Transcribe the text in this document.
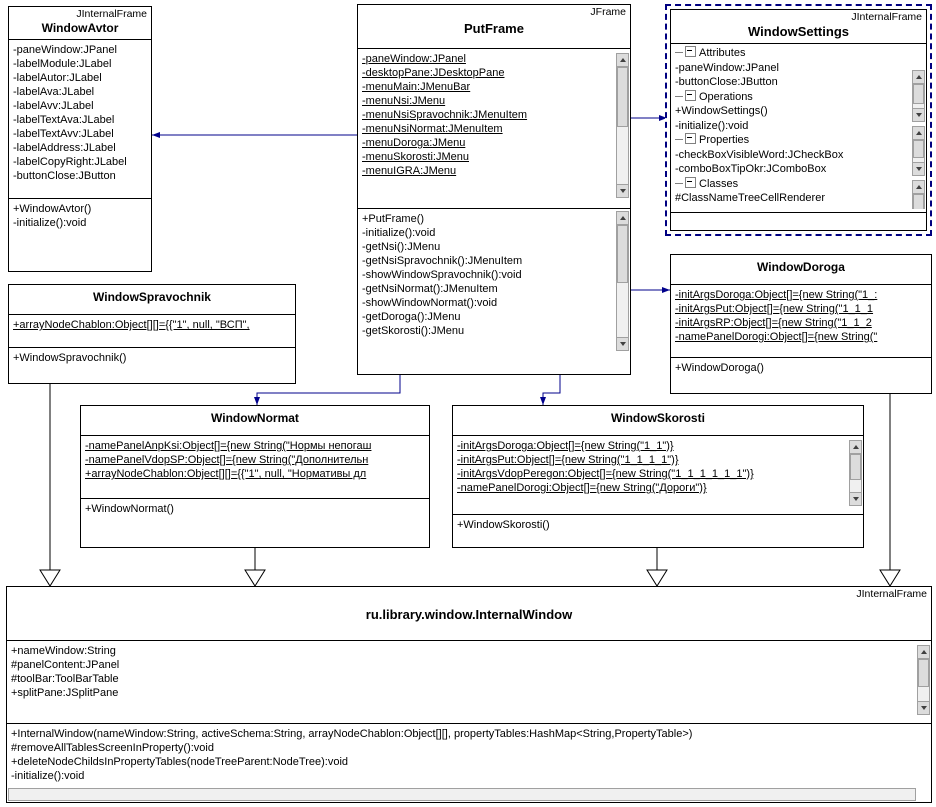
JInternalFrame
WindowAvtor
-paneWindow:JPanel
-labelModule:JLabel
-labelAutor:JLabel
-labelAva:JLabel
-labelAvv:JLabel
-labelTextAva:JLabel
-labelTextAvv:JLabel
-labelAddress:JLabel
-labelCopyRight:JLabel
-buttonClose:JButton
+WindowAvtor()
-initialize():void
JFrame
PutFrame
-paneWindow:JPanel
-desktopPane:JDesktopPane
-menuMain:JMenuBar
-menuNsi:JMenu
-menuNsiSpravochnik:JMenuItem
-menuNsiNormat:JMenuItem
-menuDoroga:JMenu
-menuSkorosti:JMenu
-menuIGRA:JMenu
+PutFrame()
-initialize():void
-getNsi():JMenu
-getNsiSpravochnik():JMenuItem
-showWindowSpravochnik():void
-getNsiNormat():JMenuItem
-showWindowNormat():void
-getDoroga():JMenu
-getSkorosti():JMenu
JInternalFrame
WindowSettings
Attributes
-paneWindow:JPanel
-buttonClose:JButton
Operations
+WindowSettings()
-initialize():void
Properties
-checkBoxVisibleWord:JCheckBox
-comboBoxTipOkr:JComboBox
Classes
#ClassNameTreeCellRenderer
WindowSpravochnik
+arrayNodeChablon:Object[][]={{"1", null, "ВСП",
+WindowSpravochnik()
WindowDoroga
-initArgsDoroga:Object[]={new String("1_:
-initArgsPut:Object[]={new String("1_1_1
-initArgsRP:Object[]={new String("1_1_2
-namePanelDorogi:Object[]={new String("
+WindowDoroga()
WindowNormat
-namePanelAnpKsi:Object[]={new String("Нормы непогаш
-namePanelVdopSP:Object[]={new String("Дополнительн
+arrayNodeChablon:Object[][]={{"1", null, "Нормативы дл
+WindowNormat()
WindowSkorosti
-initArgsDoroga:Object[]={new String("1_1")}
-initArgsPut:Object[]={new String("1_1_1_1")}
-initArgsVdopPeregon:Object[]={new String("1_1_1_1_1_1")}
-namePanelDorogi:Object[]={new String("Дороги")}
+WindowSkorosti()
JInternalFrame
ru.library.window.InternalWindow
+nameWindow:String
#panelContent:JPanel
#toolBar:ToolBarTable
+splitPane:JSplitPane
+InternalWindow(nameWindow:String, activeSchema:String, arrayNodeChablon:Object[][], propertyTables:HashMap<String,PropertyTable>)
#removeAllTablesScreenInProperty():void
+deleteNodeChildsInPropertyTables(nodeTreeParent:NodeTree):void
-initialize():void
